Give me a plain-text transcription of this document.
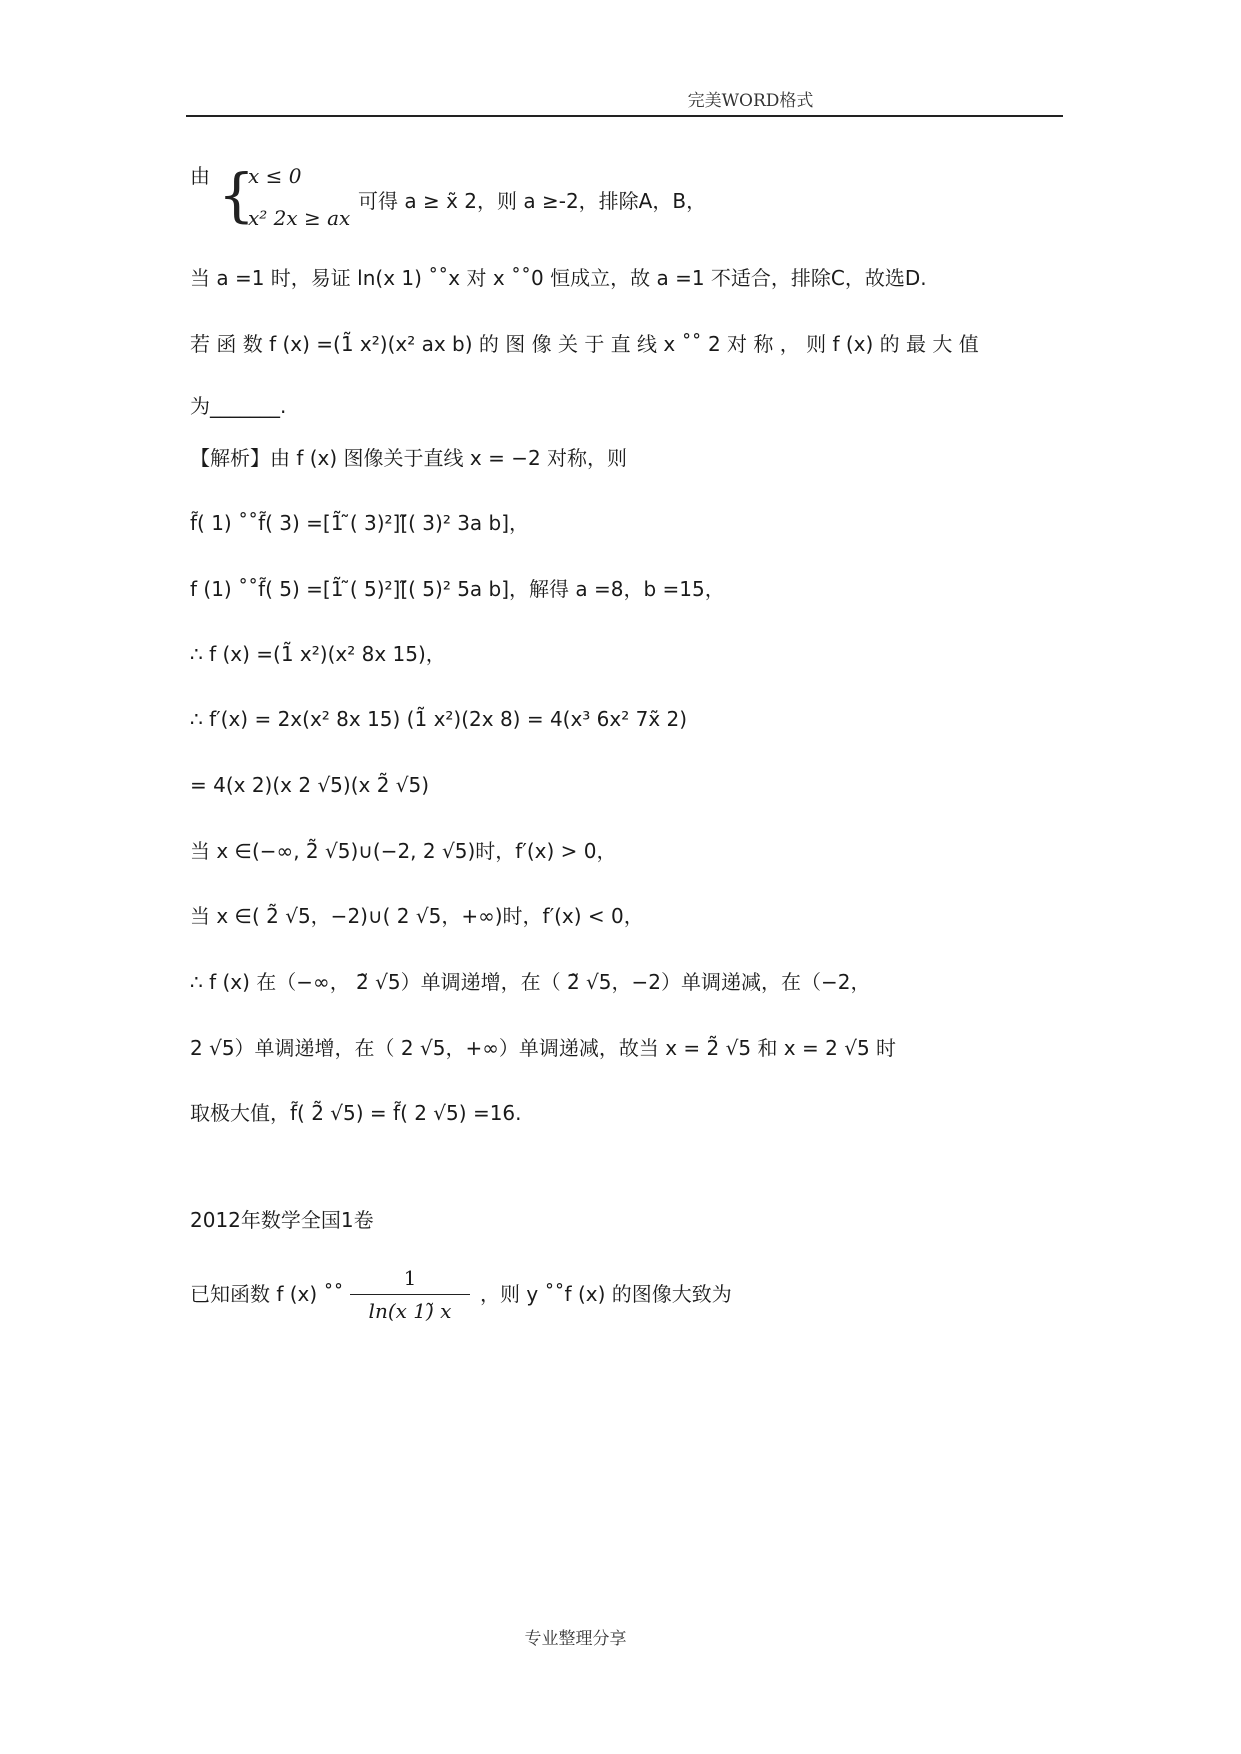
完美WORD格式
由 {
x ≤ 0
x² 2x ≥ ax
可得 a ≥ x̃ 2，则 a ≥-2，排除A，B，
当 a =1 时，易证 ln(x 1) ˚˚x 对 x ˚˚0 恒成立，故 a =1 不适合，排除C，故选D.
若 函 数 f (x) =(1̃ x²)(x² ax b) 的 图 像 关 于 直 线 x ˚˚ 2 对 称 ， 则 f (x) 的 最 大 值
为_______.
【解析】由 f (x) 图像关于直线 x = −2 对称，则
f̃( 1) ˚˚f̃( 3) =[1̃ ̃( 3)²][̃( 3)² 3a b]，
f (1) ˚˚f̃( 5) =[1̃ ̃( 5)²][̃( 5)² 5a b]，解得 a =8，b =15，
∴ f (x) =(1̃ x²)(x² 8x 15)，
∴ f′(x) = 2x(x² 8x 15) (1̃ x²)(2x 8) = 4(x³ 6x² 7x̃ 2)
= 4(x 2)(x 2 √5)(x 2̃ √5)
当 x ∈(−∞, 2̃ √5)∪(−2, 2 √5)时，f′(x) > 0，
当 x ∈( 2̃ √5，−2)∪( 2 √5，+∞)时，f′(x) < 0，
∴ f (x) 在（−∞， 2̃ √5）单调递增，在（ 2̃ √5，−2）单调递减，在（−2，
2 √5）单调递增，在（ 2 √5，+∞）单调递减，故当 x = 2̃ √5 和 x = 2 √5 时
取极大值，f̃( 2̃ √5) = f̃( 2 √5) =16.
2012年数学全国1卷
已知函数 f (x) ˚˚
1
ln(x 1)̃ x
，则 y ˚˚f (x) 的图像大致为
专业整理分享
